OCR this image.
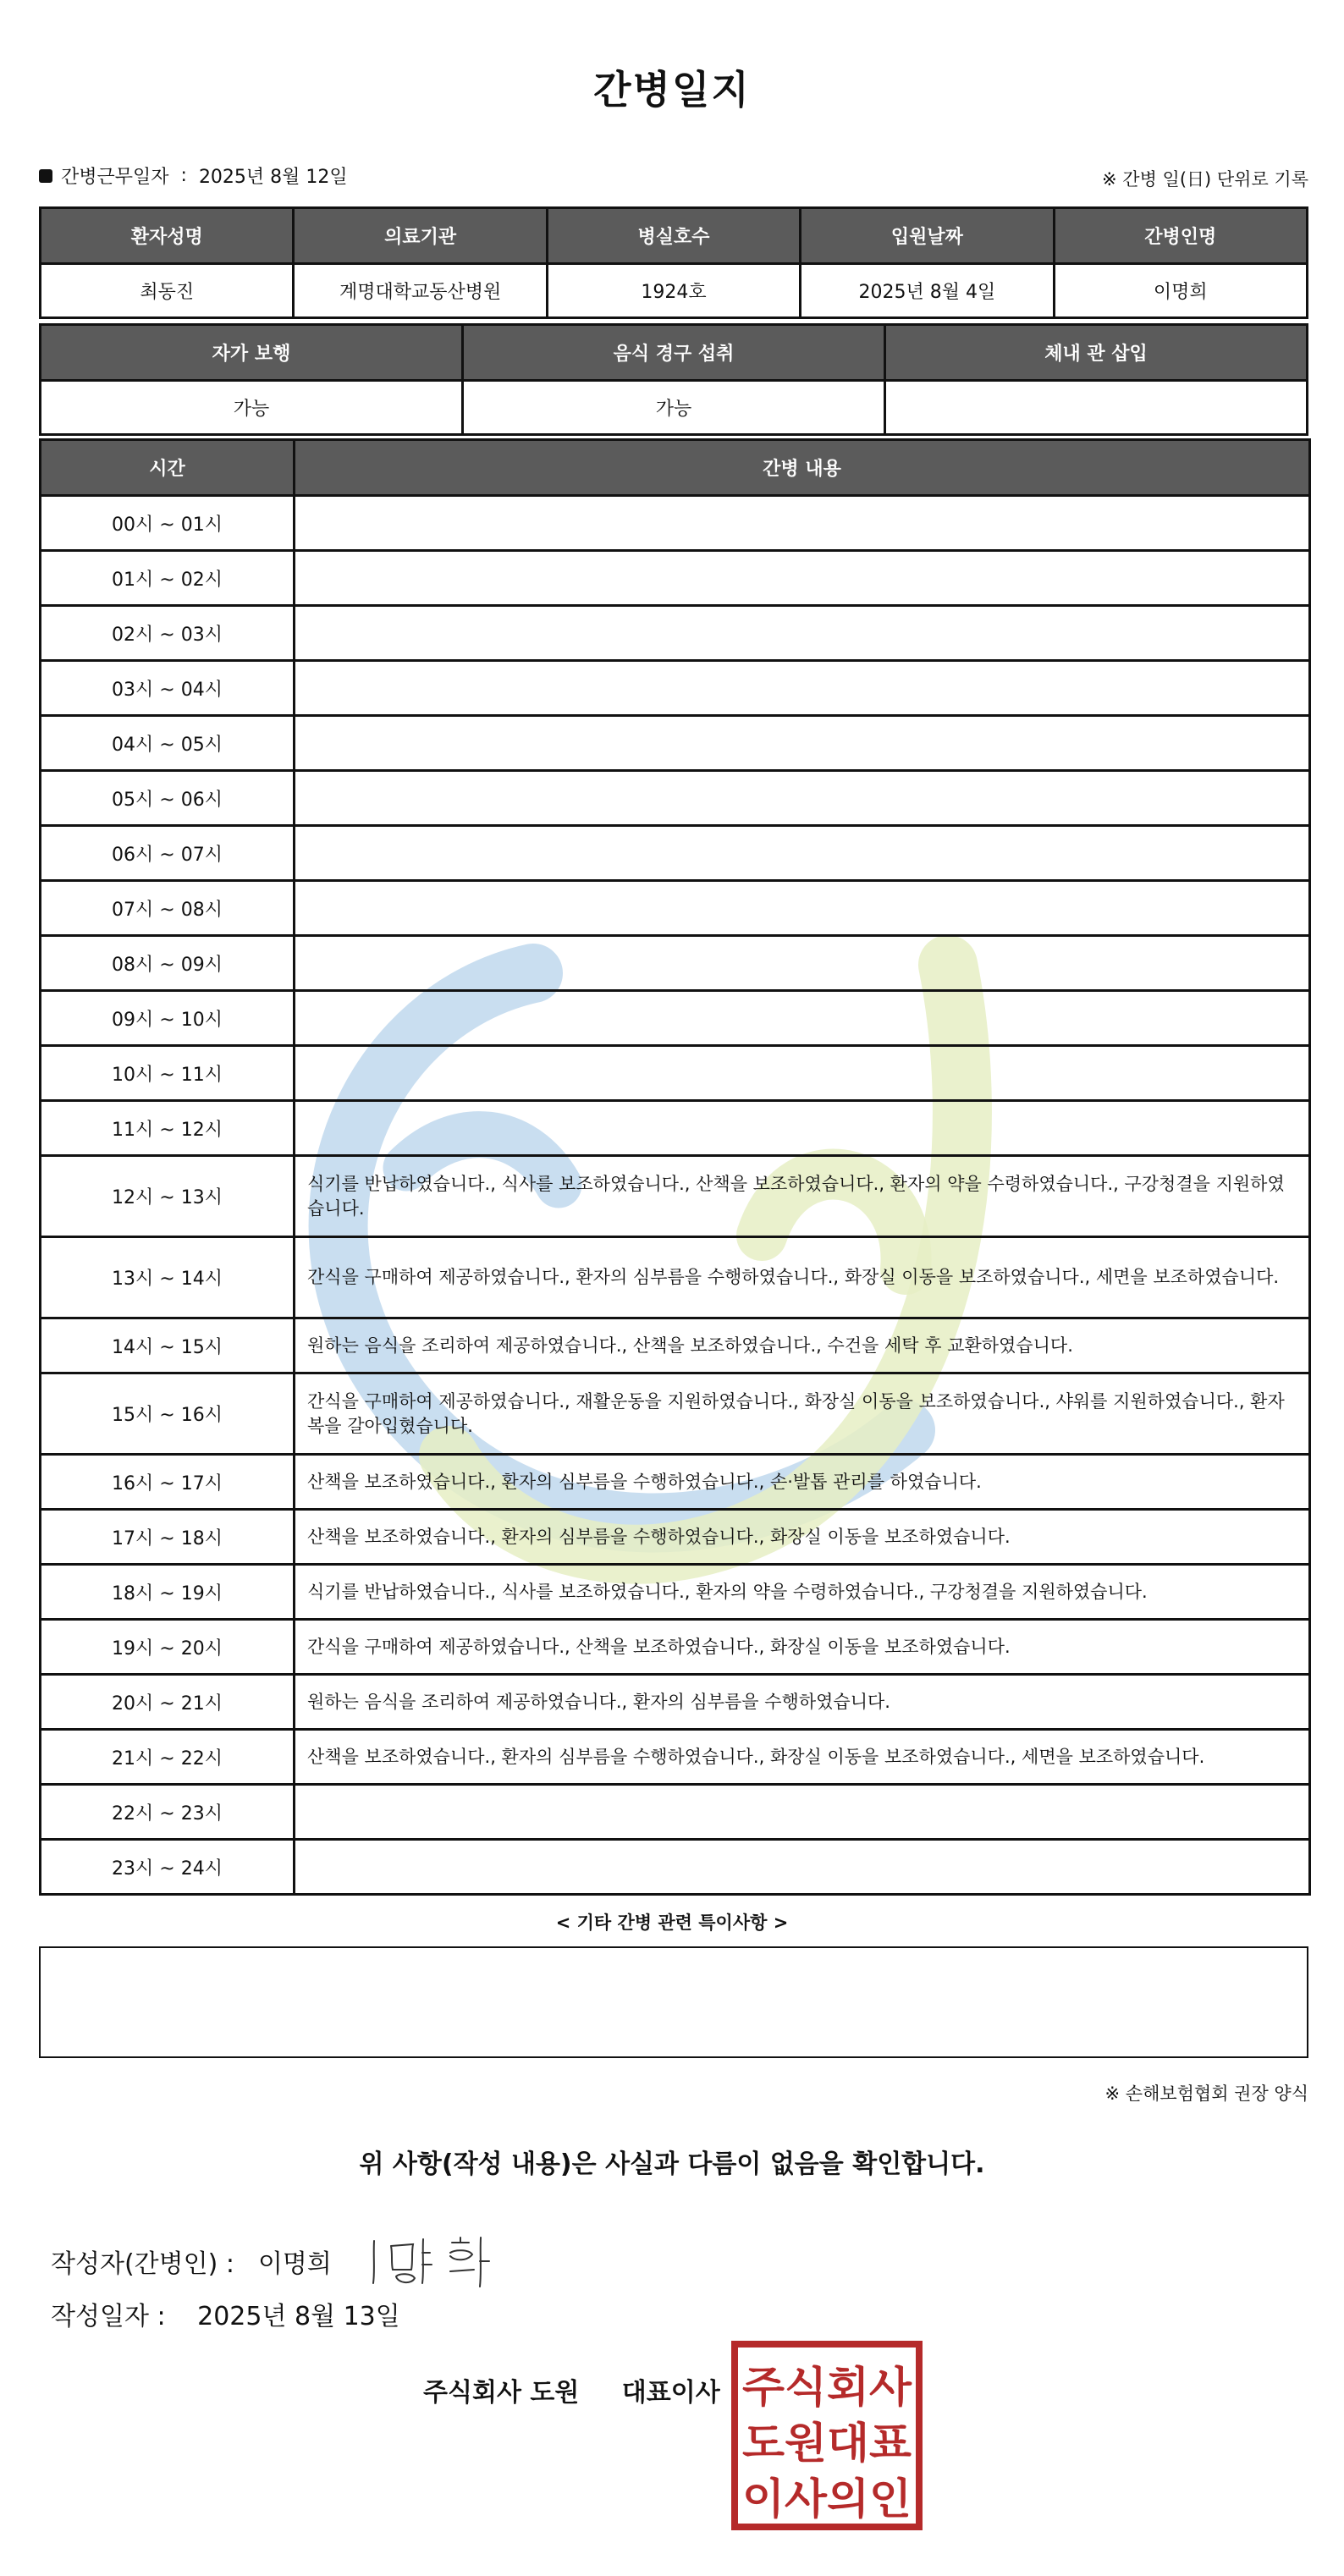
간병일지
간병근무일자 : 2025년 8월 12일	※ 간병 일(日) 단위로 기록
환자성명	의료기관	병실호수	입원날짜	간병인명
최동진	계명대학교동산병원	1924호	2025년 8월 4일	이명희
자가 보행	음식 경구 섭취	체내 관 삽입
가능	가능	
시간	간병 내용
00시 ~ 01시	
01시 ~ 02시	
02시 ~ 03시	
03시 ~ 04시	
04시 ~ 05시	
05시 ~ 06시	
06시 ~ 07시	
07시 ~ 08시	
08시 ~ 09시	
09시 ~ 10시	
10시 ~ 11시	
11시 ~ 12시	
12시 ~ 13시	식기를 반납하였습니다., 식사를 보조하였습니다., 산책을 보조하였습니다., 환자의 약을 수령하였습니다., 구강청결을 지원하였습니다.
13시 ~ 14시	간식을 구매하여 제공하였습니다., 환자의 심부름을 수행하였습니다., 화장실 이동을 보조하였습니다., 세면을 보조하였습니다.
14시 ~ 15시	원하는 음식을 조리하여 제공하였습니다., 산책을 보조하였습니다., 수건을 세탁 후 교환하였습니다.
15시 ~ 16시	간식을 구매하여 제공하였습니다., 재활운동을 지원하였습니다., 화장실 이동을 보조하였습니다., 샤워를 지원하였습니다., 환자복을 갈아입혔습니다.
16시 ~ 17시	산책을 보조하였습니다., 환자의 심부름을 수행하였습니다., 손·발톱 관리를 하였습니다.
17시 ~ 18시	산책을 보조하였습니다., 환자의 심부름을 수행하였습니다., 화장실 이동을 보조하였습니다.
18시 ~ 19시	식기를 반납하였습니다., 식사를 보조하였습니다., 환자의 약을 수령하였습니다., 구강청결을 지원하였습니다.
19시 ~ 20시	간식을 구매하여 제공하였습니다., 산책을 보조하였습니다., 화장실 이동을 보조하였습니다.
20시 ~ 21시	원하는 음식을 조리하여 제공하였습니다., 환자의 심부름을 수행하였습니다.
21시 ~ 22시	산책을 보조하였습니다., 환자의 심부름을 수행하였습니다., 화장실 이동을 보조하였습니다., 세면을 보조하였습니다.
22시 ~ 23시	
23시 ~ 24시	
< 기타 간병 관련 특이사항 >
※ 손해보험협회 권장 양식
위 사항(작성 내용)은 사실과 다름이 없음을 확인합니다.
작성자(간병인) : 이명희
작성일자 : 2025년 8월 13일
주식회사 도원 대표이사 주식회사
도원대표
이사의인
